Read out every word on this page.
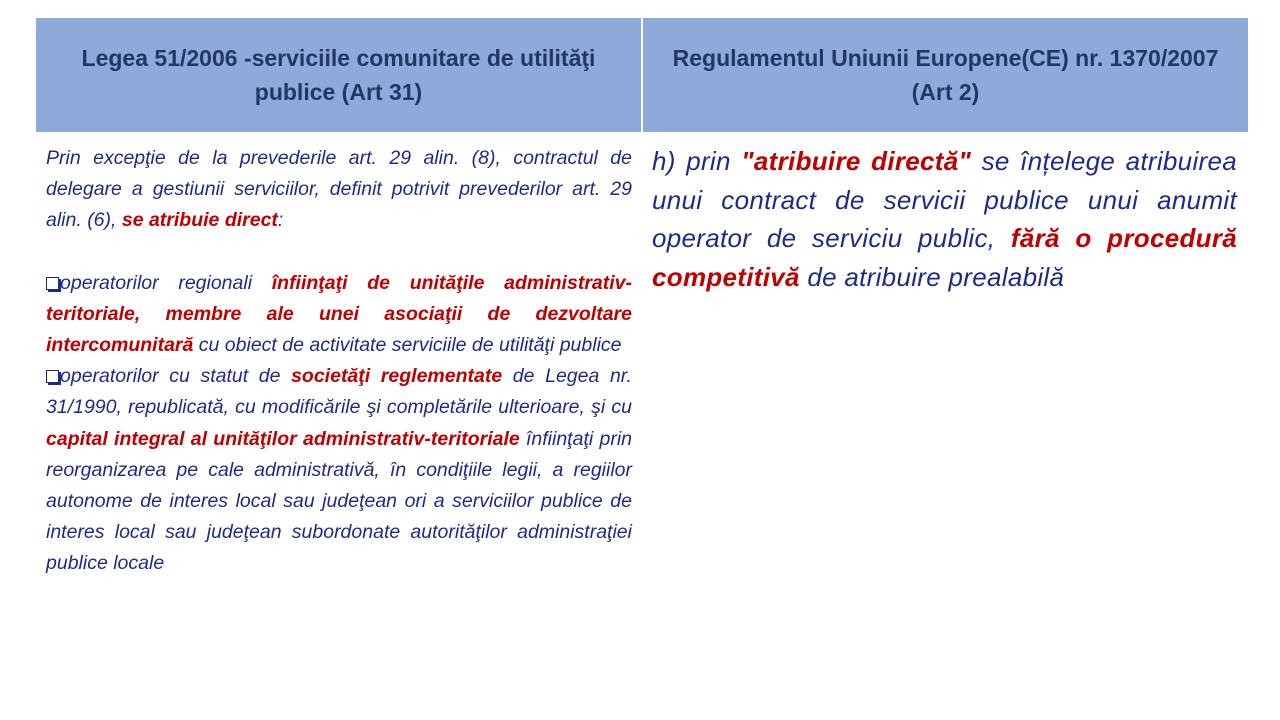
Legea 51/2006 -serviciile comunitare de utilităţi publice (Art 31)
Regulamentul Uniunii Europene(CE) nr. 1370/2007 (Art 2)

Prin excepţie de la prevederile art. 29 alin. (8), contractul de delegare a gestiunii serviciilor, definit potrivit prevederilor art. 29 alin. (6), se atribuie direct:

operatorilor regionali înfiinţaţi de unităţile administrativ-teritoriale, membre ale unei asociaţii de dezvoltare intercomunitară cu obiect de activitate serviciile de utilităţi publice

operatorilor cu statut de societăţi reglementate de Legea nr. 31/1990, republicată, cu modificările şi completările ulterioare, şi cu capital integral al unităţilor administrativ-teritoriale înfiinţaţi prin reorganizarea pe cale administrativă, în condiţiile legii, a regiilor autonome de interes local sau judeţean ori a serviciilor publice de interes local sau judeţean subordonate autorităţilor administraţiei publice locale

h) prin "atribuire directă" se înțelege atribuirea unui contract de servicii publice unui anumit operator de serviciu public, fără o procedură competitivă de atribuire prealabilă
